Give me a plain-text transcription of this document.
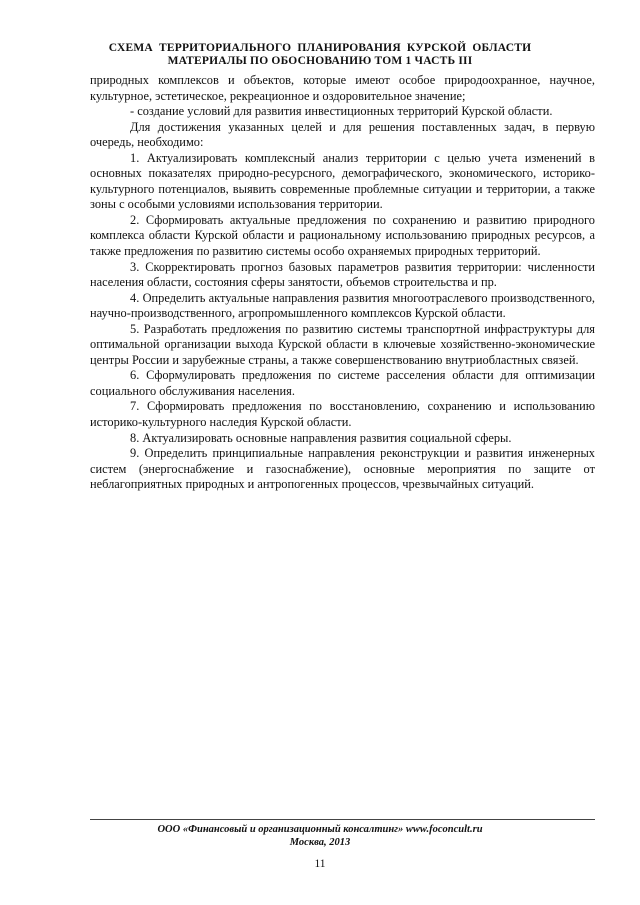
СХЕМА ТЕРРИТОРИАЛЬНОГО ПЛАНИРОВАНИЯ КУРСКОЙ ОБЛАСТИ
МАТЕРИАЛЫ ПО ОБОСНОВАНИЮ ТОМ 1 ЧАСТЬ III

природных комплексов и объектов, которые имеют особое природоохранное, научное, культурное, эстетическое, рекреационное и оздоровительное значение;

- создание условий для развития инвестиционных территорий Курской области.

Для достижения указанных целей и для решения поставленных задач, в первую очередь, необходимо:

1. Актуализировать комплексный анализ территории с целью учета изменений в основных показателях природно-ресурсного, демографического, экономического, историко-культурного потенциалов, выявить современные проблемные ситуации и территории, а также зоны с особыми условиями использования территории.

2. Сформировать актуальные предложения по сохранению и развитию природного комплекса области Курской области и рациональному использованию природных ресурсов, а также предложения по развитию системы особо охраняемых природных территорий.

3. Скорректировать прогноз базовых параметров развития территории: численности населения области, состояния сферы занятости, объемов строительства и пр.

4. Определить актуальные направления развития многоотраслевого производственного, научно-производственного, агропромышленного комплексов Курской области.

5. Разработать предложения по развитию системы транспортной инфраструктуры для оптимальной организации выхода Курской области в ключевые хозяйственно-экономические центры России и зарубежные страны, а также совершенствованию внутриобластных связей.

6. Сформулировать предложения по системе расселения области для оптимизации социального обслуживания населения.

7. Сформировать предложения по восстановлению, сохранению и использованию историко-культурного наследия Курской области.

8. Актуализировать основные направления развития социальной сферы.

9. Определить принципиальные направления реконструкции и развития инженерных систем (энергоснабжение и газоснабжение), основные мероприятия по защите от неблагоприятных природных и антропогенных процессов, чрезвычайных ситуаций.

ООО «Финансовый и организационный консалтинг» www.foconcult.ru
Москва, 2013
11
